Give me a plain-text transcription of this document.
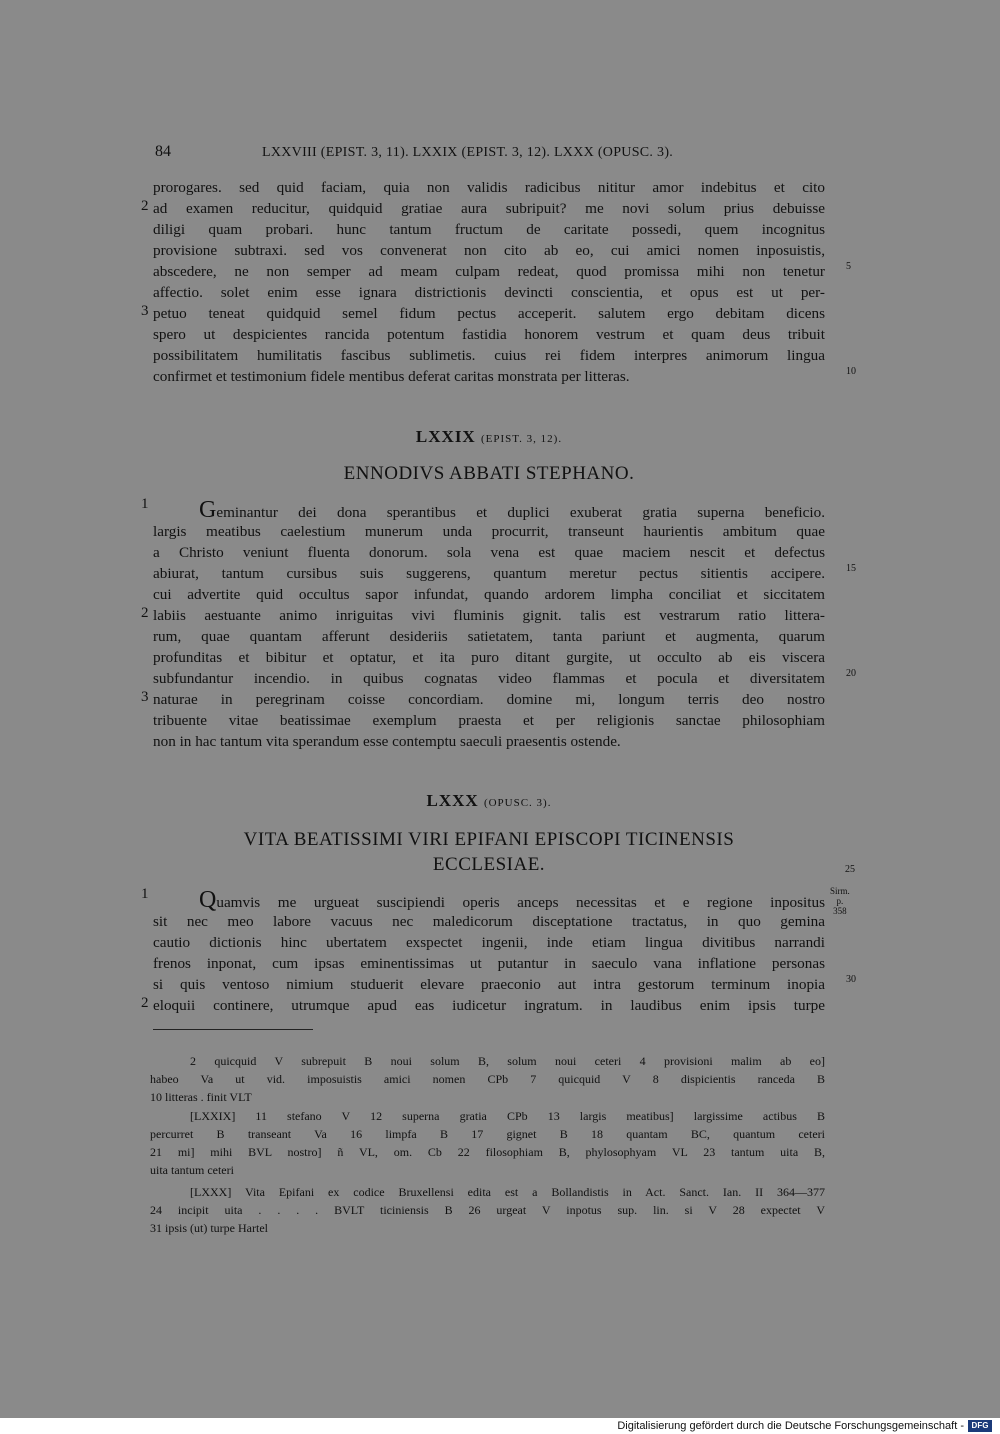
84	LXXVIII (EPIST. 3, 11). LXXIX (EPIST. 3, 12). LXXX (OPUSC. 3).
prorogares. sed quid faciam, quia non validis radicibus nititur amor indebitus et cito
ad examen reducitur, quidquid gratiae aura subripuit? me novi solum prius debuisse
2
diligi quam probari. hunc tantum fructum de caritate possedi, quem incognitus
provisione subtraxi. sed vos convenerat non cito ab eo, cui amici nomen inposuistis,
abscedere, ne non semper ad meam culpam redeat, quod promissa mihi non tenetur 5
affectio. solet enim esse ignara districtionis devincti conscientia, et opus est ut per-
petuo teneat quidquid semel fidum pectus acceperit. salutem ergo debitam dicens
3
spero ut despicientes rancida potentum fastidia honorem vestrum et quam deus tribuit
possibilitatem humilitatis fascibus sublimetis. cuius rei fidem interpres animorum lingua
confirmet et testimonium fidele mentibus deferat caritas monstrata per litteras.	10
LXXIX (EPIST. 3, 12).
ENNODIVS ABBATI STEPHANO.
Geminantur dei dona sperantibus et duplici exuberat gratia superna beneficio.
1
largis meatibus caelestium munerum unda procurrit, transeunt haurientis ambitum quae
a Christo veniunt fluenta donorum. sola vena est quae maciem nescit et defectus
abiurat, tantum cursibus suis suggerens, quantum meretur pectus sitientis accipere. 15
cui advertite quid occultus sapor infundat, quando ardorem limpha conciliat et siccitatem
labiis aestuante animo inriguitas vivi fluminis gignit. talis est vestrarum ratio littera-
2
rum, quae quantam afferunt desideriis satietatem, tanta pariunt et augmenta, quarum
profunditas et bibitur et optatur, et ita puro ditant gurgite, ut occulto ab eis viscera
subfundantur incendio. in quibus cognatas video flammas et pocula et diversitatem 20
naturae in peregrinam coisse concordiam. domine mi, longum terris deo nostro
3
tribuente vitae beatissimae exemplum praesta et per religionis sanctae philosophiam
non in hac tantum vita sperandum esse contemptu saeculi praesentis ostende.
LXXX (OPUSC. 3).
VITA BEATISSIMI VIRI EPIFANI EPISCOPI TICINENSIS
ECCLESIAE.	25
Quamvis me urgueat suscipiendi operis anceps necessitas et e regione inpositus
1	Sirm.
p. 358
sit nec meo labore vacuus nec maledicorum disceptatione tractatus, in quo gemina
cautio dictionis hinc ubertatem exspectet ingenii, inde etiam lingua divitibus narrandi
frenos inponat, cum ipsas eminentissimas ut putantur in saeculo vana inflatione personas
si quis ventoso nimium studuerit elevare praeconio aut intra gestorum terminum inopia 30
eloquii continere, utrumque apud eas iudicetur ingratum. in laudibus enim ipsis turpe
2
2 quicquid V subrepuit B noui solum B, solum noui ceteri 4 provisioni malim ab eo]
habeo Va ut vid. imposuistis amici nomen CPb 7 quicquid V 8 dispicientis ranceda B
10 litteras . finit VLT
[LXXIX] 11 stefano V 12 superna gratia CPb 13 largis meatibus] largissime actibus B
percurret B transeant Va 16 limpfa B 17 gignet B 18 quantam BC, quantum ceteri
21 mi] mihi BVL nostro] ñ VL, om. Cb 22 filosophiam B, phylosophyam VL 23 tantum uita B,
uita tantum ceteri
[LXXX] Vita Epifani ex codice Bruxellensi edita est a Bollandistis in Act. Sanct. Ian. II 364—377
24 incipit uita . . . . BVLT ticiniensis B 26 urgeat V inpotus sup. lin. si V 28 expectet V
31 ipsis (ut) turpe Hartel
Digitalisierung gefördert durch die Deutsche Forschungsgemeinschaft - DFG
